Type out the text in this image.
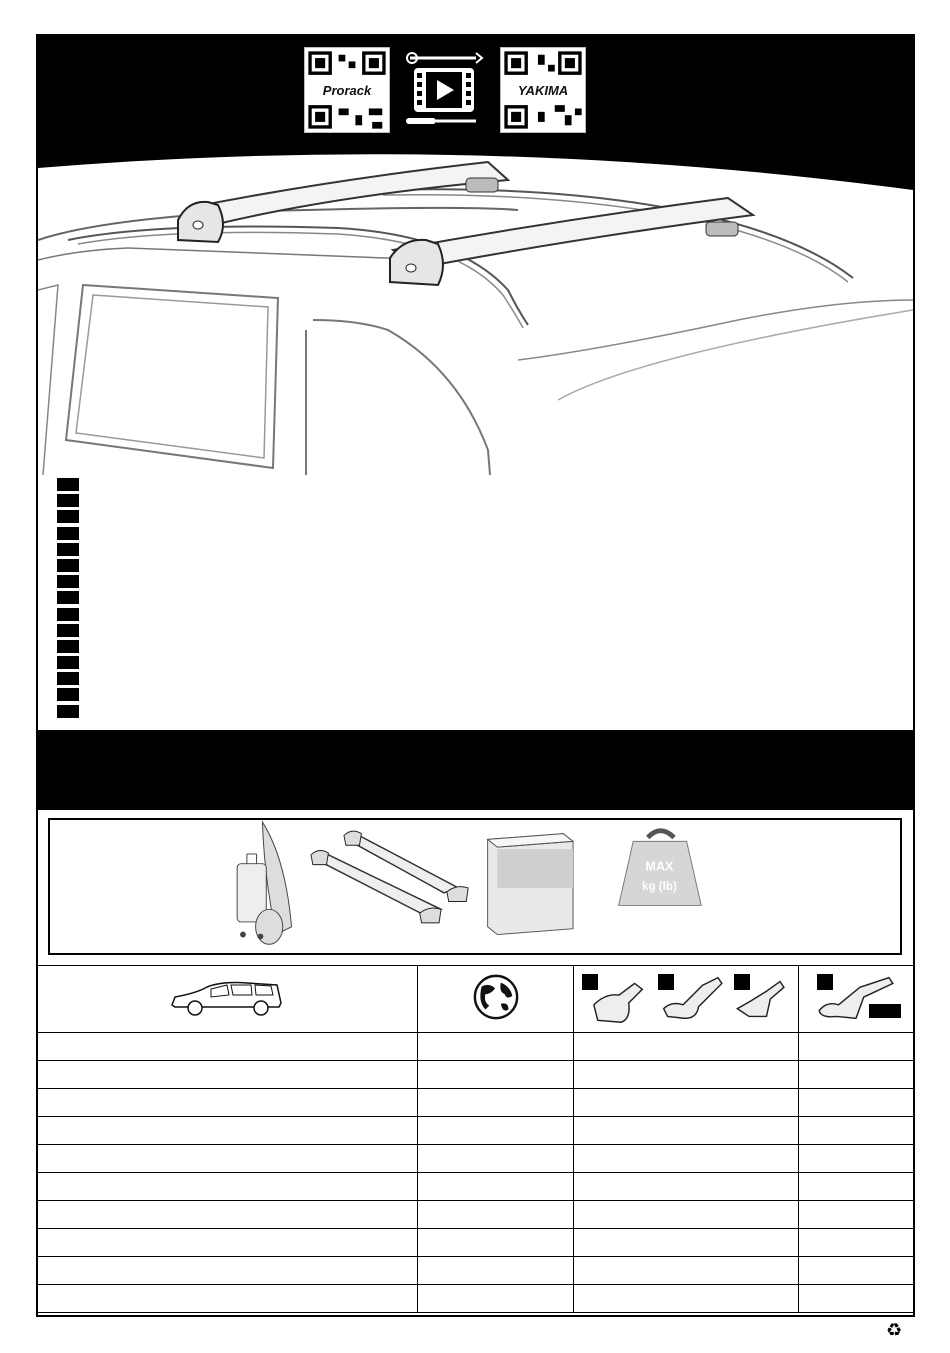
Prorack	YAKIMA
MAX
kg (lb)

♻
